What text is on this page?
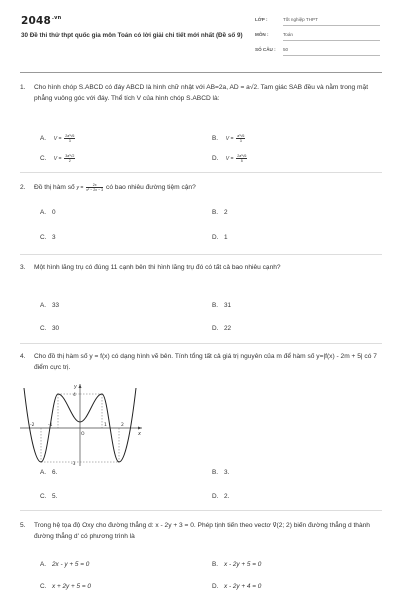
$2048^{.vn}$
30 Đề thi thử thpt quốc gia môn Toán có lời giải chi tiết mới nhất (Đề số 9)
LỚP :	Tốt nghiệp THPT
MÔN :	Toán
SỐ CÂU : 50
1.	Cho hình chóp S.ABCD có đáy ABCD là hình chữ nhật với AB=2a, AD = a√2. Tam giác SAB đều và nằm trong mặt phẳng vuông góc với đáy. Thể tích V của hình chóp S.ABCD là:
A. $V = \frac{\text{2a³√6}}{3}$	B. $V = \frac{\text{a³√6}}{3}$
C. $V = \frac{\text{3a³√2}}{2}$	D. $V = \frac{\text{2a³√6}}{5}$
2.	Đồ thị hàm số $y = \frac{2x}{\text{x² − 2x − 3}}$ có bao nhiêu đường tiệm cận?
A. 0	B. 2
C. 3	D. 1
3.	Một hình lăng trụ có đúng 11 cạnh bên thì hình lăng trụ đó có tất cả bao nhiêu cạnh?
A. 33	B. 31
C. 30	D. 22
4.	Cho đồ thị hàm số y = f(x) có dạng hình vẽ bên. Tính tổng tất cả giá trị nguyên của m để hàm số y=|f(x) - 2m + 5| có 7 điểm cực trị.
A. 6.	B. 3.
C. 5.	D. 2.
y
x
O
4
-3
-2	-1	1	2
5.	Trong hệ tọa độ Oxy cho đường thẳng d: x - 2y + 3 = 0. Phép tịnh tiến theo vectơ v⃗(2; 2) biến đường thẳng d thành đường thẳng d' có phương trình là
A. 2x - y + 5 = 0	B. x - 2y + 5 = 0
C. x + 2y + 5 = 0	D. x - 2y + 4 = 0
